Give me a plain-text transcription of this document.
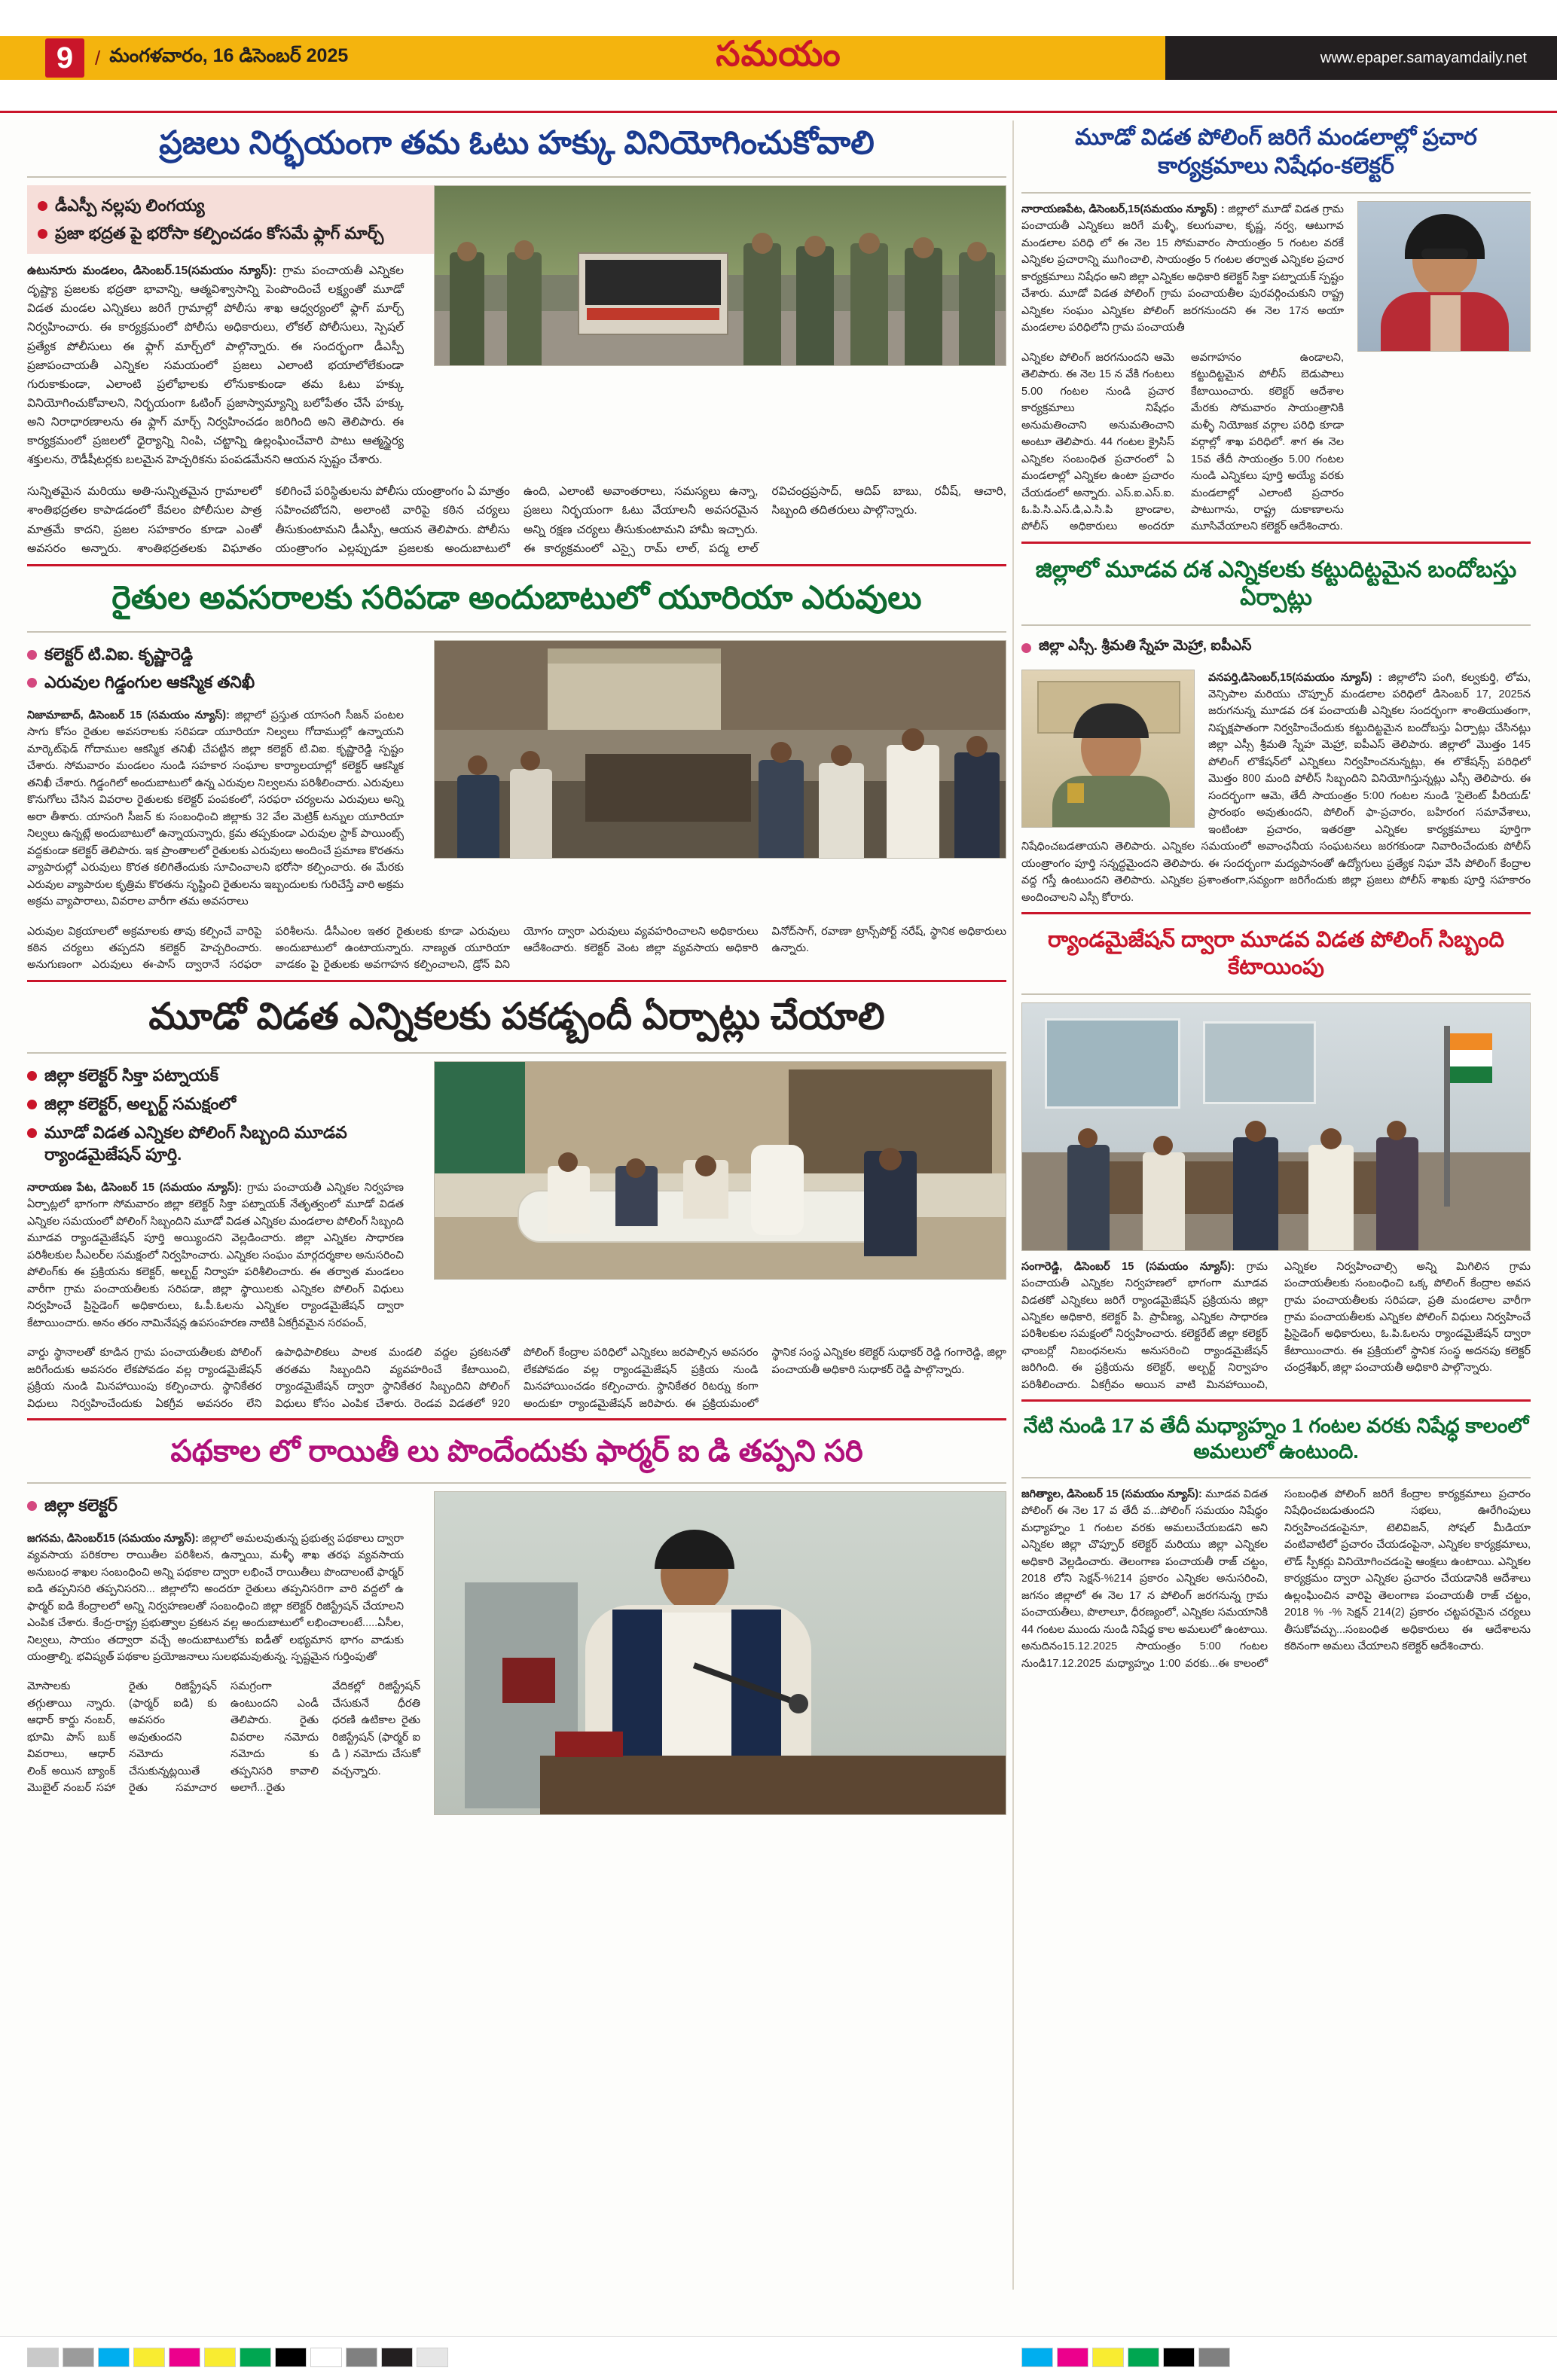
9	/ మంగళవారం, 16 డిసెంబర్ 2025	సమయం	www.epaper.samayamdaily.net
ప్రజలు నిర్భయంగా తమ ఓటు హక్కు వినియోగించుకోవాలి
డీఎస్పీ నల్లపు లింగయ్య
ప్రజా భద్రత పై భరోసా కల్పించడం కోసమే ఫ్లాగ్ మార్చ్

ఉటునూరు మండలం, డిసెంబర్.15(సమయం న్యూస్): గ్రామ పంచాయతీ ఎన్నికల దృష్ట్యా ప్రజలకు భద్రతా భావాన్ని, ఆత్మవిశ్వాసాన్ని పెంపొందించే లక్ష్యంతో మూడో విడత మండల ఎన్నికలు జరిగే గ్రామాల్లో పోలీసు శాఖ ఆధ్వర్యంలో ఫ్లాగ్ మార్చ్ నిర్వహించారు. ఈ కార్యక్రమంలో పోలీసు అధికారులు, లోకల్ పోలీసులు, స్పెషల్ ప్రత్యేక పోలీసులు ఈ ఫ్లాగ్ మార్చ్‌లో పాల్గొన్నారు. ఈ సందర్భంగా డీఎస్పీ ప్రజాపంచాయతీ ఎన్నికల సమయంలో ప్రజలు ఎలాంటి భయాలోలేకుండా గురుకాకుండా, ఎలాంటి ప్రలోభాలకు లోనుకాకుండా తమ ఓటు హక్కు వినియోగించుకోవాలని, నిర్భయంగా ఓటింగ్ ప్రజాస్వామ్యాన్ని బలోపేతం చేసే హక్కు అని నిరాధారణాలను ఈ ఫ్లాగ్ మార్చ్ నిర్వహించడం జరిగింది అని తెలిపారు. ఈ కార్యక్రమంలో ప్రజలలో ధైర్యాన్ని నింపి, చట్టాన్ని ఉల్లంఘించేవారి పాటు ఆత్మస్థైర్య శక్తులను, రౌడీషీటర్లకు బలమైన హెచ్చరికను పంపడమేనని ఆయన స్పష్టం చేశారు.

సున్నితమైన మరియు అతి-సున్నితమైన గ్రామాలలో శాంతిభద్రతల కాపాడడంలో కేవలం పోలీసుల పాత్ర మాత్రమే కాదని, ప్రజల సహకారం కూడా ఎంతో అవసరం అన్నారు. శాంతిభద్రతలకు విఘాతం కలిగించే పరిస్థితులను పోలీసు యంత్రాంగం ఏ మాత్రం సహించబోదని, అలాంటి వారిపై కఠిన చర్యలు తీసుకుంటామని డీఎస్పీ, ఆయన తెలిపారు. పోలీసు యంత్రాంగం ఎల్లప్పుడూ ప్రజలకు అందుబాటులో ఉంది, ఎలాంటి అవాంతరాలు, సమస్యలు ఉన్నా, ప్రజలు నిర్భయంగా ఓటు వేయాలనీ అవసరమైన అన్ని రక్షణ చర్యలు తీసుకుంటామని హామీ ఇచ్చారు. ఈ కార్యక్రమంలో ఎస్సై రామ్ లాల్, పద్మ లాల్ రవిచంద్రప్రసాద్, ఆదిప్ బాబు, రవీష్, ఆచారి, సిబ్బంది తదితరులు పాల్గొన్నారు.
రైతుల అవసరాలకు సరిపడా అందుబాటులో యూరియా ఎరువులు
కలెక్టర్ టి.విఐ. కృష్ణారెడ్డి
ఎరువుల గిడ్డంగుల ఆకస్మిక తనిఖీ

నిజామాబాద్, డిసెంబర్ 15 (సమయం న్యూస్): జిల్లాలో ప్రస్తుత యాసంగి సీజన్ పంటల సాగు కోసం రైతుల అవసరాలకు సరిపడా యూరియా నిల్వలు గోదాముల్లో ఉన్నాయని మార్కెట్‌ఫెడ్ గోదాముల ఆకస్మిక తనిఖీ చేపట్టిన జిల్లా కలెక్టర్ టి.విఐ. కృష్ణారెడ్డి స్పష్టం చేశారు. సోమవారం మండలం నుండి సహకార సంఘాల కార్యాలయాల్లో కలెక్టర్ ఆకస్మిక తనిఖీ చేశారు. గిడ్డంగిలో అందుబాటులో ఉన్న ఎరువుల నిల్వలను పరిశీలించారు. ఎరువులు కొనుగోలు చేసిన వివరాల రైతులకు కలెక్టర్ పంపకంలో, సరఫరా చర్యలను ఎరువులు అన్ని అరా తీశారు. యాసంగి సీజన్ కు సంబంధించి జిల్లాకు 32 వేల మెట్రిక్ టన్నుల యూరియా నిల్వలు ఉన్నట్లే అందుబాటులో ఉన్నాయన్నారు, క్రమ తప్పకుండా ఎరువుల స్టాక్ పాయింట్స్ వద్దకుండా కలెక్టర్ తెలిపారు. ఇక ప్రాంతాలలో రైతులకు ఎరువులు అందించే ప్రమాణ కొరతను వ్యాపారుల్లో ఎరువులు కొరత కలిగితేందుకు సూచించాలని భరోసా కల్పించారు. ఈ మేరకు ఎరువుల వ్యాపారుల కృత్రిమ కొరతను సృష్టించి రైతులను ఇబ్బందులకు గురిచేస్తే వారి అక్రమ అక్రమ వ్యాపారాలు, వివరాల వారీగా తమ అవసరాలు

ఎరువుల విక్రయాలలో అక్రమాలకు తావు కల్పించే వారిపై కఠిన చర్యలు తప్పదని కలెక్టర్ హెచ్చరించారు. అనుగుణంగా ఎరువులు ఈ-పాస్ ద్వారానే సరఫరా పరిశీలను. డీసీఎంల ఇతర రైతులకు కూడా ఎరువులు అందుబాటులో ఉంటాయన్నారు. నాణ్యత యూరియా వాడకం పై రైతులకు అవగాహన కల్పించాలని, డ్రోన్ విని యోగం ద్వారా ఎరువులు వ్యవహరించాలని అధికారులు ఆదేశించారు. కలెక్టర్ వెంట జిల్లా వ్యవసాయ అధికారి వినోద్‌సాగ్, రవాణా ట్రాన్స్‌పోర్ట్ నరేష్, స్థానిక అధికారులు ఉన్నారు.
మూడో విడత ఎన్నికలకు పకడ్బందీ ఏర్పాట్లు చేయాలి
జిల్లా కలెక్టర్ సిక్తా పట్నాయక్
జిల్లా కలెక్టర్, అల్బర్ట్ సమక్షంలో
మూడో విడత ఎన్నికల పోలింగ్ సిబ్బంది మూడవ ర్యాండమైజేషన్ పూర్తి.

నారాయణ పేట, డిసెంబర్ 15 (సమయం న్యూస్): గ్రామ పంచాయతీ ఎన్నికల నిర్వహణ ఏర్పాట్లలో భాగంగా సోమవారం జిల్లా కలెక్టర్ సిక్తా పట్నాయక్ నేతృత్వంలో మూడో విడత ఎన్నికల సమయంలో పోలింగ్ సిబ్బందిని మూడో విడత ఎన్నికల మండలాల పోలింగ్ సిబ్బంది మూడవ ర్యాండమైజేషన్ పూర్తి అయ్యిందని వెల్లడించారు. జిల్లా ఎన్నికల సాధారణ పరిశీలకుల సీఎలర్‌ల సమక్షంలో నిర్వహించారు. ఎన్నికల సంఘం మార్గదర్శకాల అనుసరించి పోలింగ్‌కు ఈ ప్రక్రియను కలెక్టర్, అల్బర్ట్ నిర్వాహ పరిశీలించారు. ఈ తర్వాత మండలం వారీగా గ్రామ పంచాయతీలకు సరిపడా, జిల్లా స్థాయిలకు ఎన్నికల పోలింగ్ విధులు నిర్వహించే ప్రిసైడెంగ్ అధికారులు, ఓ.పీ.ఓలను ఎన్నికల ర్యాండమైజేషన్ ద్వారా కేటాయించారు. అనం తరం నామినేషన్ల ఉపసంహరణ నాటికి ఏకగ్రీవమైన సరపంచ్,

వార్డు స్థానాలతో కూడిన గ్రామ పంచాయతీలకు పోలింగ్ జరిగేందుకు అవసరం లేకపోవడం వల్ల ర్యాండమైజేషన్ ప్రక్రియ నుండి మినహాయింపు కల్పించారు. స్థానికేతర విధులు నిర్వహించేందుకు ఏకగ్రీవ అవసరం లేని ఉపాధిపాలికలు పాలక మండలి వద్దల ప్రకటనతో తరతమ సిబ్బందిని వ్యవహరించే కేటాయించి, ర్యాండమైజేషన్ ద్వారా స్థానికేతర సిబ్బందిని పోలింగ్ విధులు కోసం ఎంపిక చేశారు. రెండవ విడతలో 920 పోలింగ్ కేంద్రాల పరిధిలో ఎన్నికలు జరపాల్సిన అవసరం లేకపోవడం వల్ల ర్యాండమైజేషన్ ప్రక్రియ నుండి మినహాయించడం కల్పించారు. స్థానికేతర రిటర్ను కంగా అందుకూ ర్యాండమైజేషన్ జరిపారు. ఈ ప్రక్రియమంలో స్థానిక సంస్థ ఎన్నికల కలెక్టర్ సుధాకర్ రెడ్డి గంగారెడ్డి, జిల్లా పంచాయతీ అధికారి సుధాకర్ రెడ్డి పాల్గొన్నారు.
పథకాల లో రాయితీ లు పొందేందుకు ఫార్మర్ ఐ డి తప్పని సరి
జిల్లా కలెక్టర్

జగనమ, డిసెంబర్15 (సమయం న్యూస్): జిల్లాలో అమలవుతున్న ప్రభుత్వ పథకాలు ద్వారా వ్యవసాయ పరికరాల రాయితీల పరిశీలన, ఉన్నాయి, మళ్ళీ శాఖ తరఫ వ్యవసాయ అనుబంధ శాఖల సంబంధించి అన్ని పథకాల ద్వారా లభించే రాయితీలు పొందాలంటే ఫార్మర్ ఐడి తప్పనిసరి తప్పనిసరని... జిల్లాలోని అందరూ రైతులు తప్పనిసరిగా వారి వద్దలో ఉ ఫార్మర్ ఐడి కేంద్రాలలో అన్ని నిర్వహణలతో సంబంధించి జిల్లా కలెక్టర్ రిజిస్ట్రేషన్ చేయాలని ఎంపిక చేశారు. కేంద్ర-రాష్ట్ర ప్రభుత్వాల ప్రకటన వల్ల అందుబాటులో లభించాలంటే.....ఏసీల, నిల్వలు, సాయం తద్వారా వచ్చే అందుబాటులోకు ఐడీతో లభ్యమాన భాగం వాడుకు యంత్రాల్ని. భవిష్యత్ పథకాల ప్రయోజనాలు సులభమవుతున్న. స్పష్టమైన గుర్తింపుతో

మోసాలకు తగ్గుతాయి న్నారు. ఆధార్ కార్డు నంబర్, భూమి పాస్ బుక్ వివరాలు, ఆధార్ లింక్ అయిన బ్యాంక్ మొబైల్ నంబర్ సహా రైతు రిజిస్ట్రేషన్ (ఫార్మర్ ఐడి) కు అవసరం అవుతుందని నమోదు చేసుకున్నట్లయితే రైతు సమాచార సమగ్రంగా ఉంటుందని ఎండీ తెలిపారు. రైతు వివరాల నమోదు నమోదు కు తప్పనిసరి కావాలి అలాగే...రైతు వేదికల్లో రిజిస్ట్రేషన్ చేసుకునే ధీరతి ధరణి ఉటికాల రైతు రిజిస్ట్రేషన్ (ఫార్మర్ ఐ డి ) నమోదు చేసుకో వచ్చన్నారు.
మూడో విడత పోలింగ్ జరిగే మండలాల్లో ప్రచార కార్యక్రమాలు నిషేధం-కలెక్టర్

నారాయణపేట, డిసెంబర్,15(సమయం న్యూస్) : జిల్లాలో మూడో విడత గ్రామ పంచాయతీ ఎన్నికలు జరిగే మళ్ళీ, కలుగువాల, కృష్ణ, నర్వ, ఆటుగావ మండలాల పరిధి లో ఈ నెల 15 సోమవారం సాయంత్రం 5 గంటల వరకే ఎన్నికల ప్రచారాన్ని ముగించాలి, సాయంత్రం 5 గంటల తర్వాత ఎన్నికల ప్రచార కార్యక్రమాలు నిషేధం అని జిల్లా ఎన్నికల అధికారి కలెక్టర్ సిక్తా పట్నాయక్ స్పష్టం చేశారు. మూడో విడత పోలింగ్ గ్రామ పంచాయతీల పురవర్గించుకుని రాష్ట్ర ఎన్నికల సంఘం ఎన్నికల పోలింగ్ జరగనుందని ఈ నెల 17న అయా మండలాల పరిధిలోని గ్రామ పంచాయతీ

ఎన్నికల పోలింగ్ జరగనుందని ఆమె తెలిపారు. ఈ నెల 15 న వేకి గంటలు 5.00 గంటల నుండి ప్రచార కార్యక్రమాలు నిషేధం అనుమతించాని అనుమతించాని అంటూ తెలిపారు. 44 గంటల క్రైసిస్ ఎన్నికల సంబంధిత ప్రచారంలో ఏ మండలాల్లో ఎన్నికల ఉంటా ప్రచారం చేయడంలో అన్నారు. ఎస్.ఐ.ఎస్.ఐ. ఓ.పి.సి.ఎస్.డి,ఎ.సి.పి బ్రాండాల, పోలీస్ అధికారులు అందరూ అవగాహనం ఉండాలని, కట్టుదిట్టమైన పోలీస్ బెడుపాలు కేటాయించారు. కలెక్టర్ ఆదేశాల మేరకు సోమవారం సాయంత్రానికి మళ్ళీ నియోజక వర్గాల పరిధి కూడా వర్గాల్లో శాఖ పరిధిలో. శాగ ఈ నెల 15వ తేదీ సాయంత్రం 5.00 గంటల నుండి ఎన్నికలు పూర్తి అయ్యే వరకు మండలాల్లో ఎలాంటి ప్రచారం పాటుగాను, రాష్ట్ర దుకాణాలను మూసివేయాలని కలెక్టర్ ఆదేశించారు.
జిల్లాలో మూడవ దశ ఎన్నికలకు కట్టుదిట్టమైన బందోబస్తు ఏర్పాట్లు
జిల్లా ఎస్సీ. శ్రీమతి స్నేహ మెహ్రా, ఐపీఎస్

వనపర్తి,డిసెంబర్,15(సమయం న్యూస్) : జిల్లాలోని పంగి, కల్వకుర్తి, లోమ, వెన్సిపాల మరియు చొప్పూర్ మండలాల పరిధిలో డిసెంబర్ 17, 2025న జరుగనున్న మూడవ దశ పంచాయతీ ఎన్నికల సందర్భంగా శాంతియుతంగా, నిష్పక్షపాతంగా నిర్వహించేందుకు కట్టుదిట్టమైన బందోబస్తు ఏర్పాట్లు చేసినట్లు జిల్లా ఎస్సీ శ్రీమతి స్నేహ మెహ్రా, ఐపీఎస్ తెలిపారు. జిల్లాలో మొత్తం 145 పోలింగ్ లొకేషన్‌లో ఎన్నికలు నిర్వహించనున్నట్లు, ఈ లొకేషన్స్ పరిధిలో మొత్తం 800 మంది పోలీస్ సిబ్బందిని వినియోగిస్తున్నట్లు ఎస్సీ తెలిపారు. ఈ సందర్భంగా ఆమె, తేదీ సాయంత్రం 5:00 గంటల నుండి 'సైలెంట్ పీరియడ్' ప్రారంభం అవుతుందని, పోలింగ్ ఫా-ప్రచారం, బహిరంగ సమావేశాలు, ఇంటింటా ప్రచారం, ఇతరత్రా ఎన్నికల కార్యక్రమాలు పూర్తిగా నిషేధించబడతాయని తెలిపారు. ఎన్నికల సమయంలో అవాంఛనీయ సంఘటనలు జరగకుండా నివారించేందుకు పోలీస్ యంత్రాంగం పూర్తి సన్నద్ధమైందని తెలిపారు. ఈ సందర్భంగా మద్యపానంతో ఉద్యోగులు ప్రత్యేక నిఘా వేసి పోలింగ్ కేంద్రాల వద్ద గస్తీ ఉంటుందని తెలిపారు. ఎన్నికల ప్రశాంతంగా,సవ్యంగా జరిగేందుకు జిల్లా ప్రజలు పోలీస్ శాఖకు పూర్తి సహకారం అందించాలని ఎస్సీ కోరారు.

ర్యాండమైజేషన్ ద్వారా మూడవ విడత పోలింగ్ సిబ్బంది కేటాయింపు
సంగారెడ్డి, డిసెంబర్ 15 (సమయం న్యూస్): గ్రామ పంచాయతీ ఎన్నికల నిర్వహణలో భాగంగా మూడవ విడతకో ఎన్నికలు జరిగే ర్యాండమైజేషన్ ప్రక్రియను జిల్లా ఎన్నికల అధికారి, కలెక్టర్ పి. ప్రావీణ్య, ఎన్నికల సాధారణ పరిశీలకుల సమక్షంలో నిర్వహించారు. కలెక్టరేట్ జిల్లా కలెక్టర్ ఛాంబర్లో నిబంధనలను అనుసరించి ర్యాండమైజేషన్ జరిగింది. ఈ ప్రక్రియను కలెక్టర్, అల్బర్ట్ నిర్వాహం పరిశీలించారు. ఏకగ్రీవం అయిన వాటి మినహాయించి, ఎన్నికల నిర్వహించాల్సి అన్ని మిగిలిన గ్రామ పంచాయతీలకు సంబంధించి ఒక్క పోలింగ్ కేంద్రాల అవస గ్రామ పంచాయతీలకు సరిపడా, ప్రతి మండలాల వారీగా గ్రామ పంచాయతీలకు ఎన్నికల పోలింగ్ విధులు నిర్వహించే ప్రిసైడెంగ్ అధికారులు, ఓ.పి.ఓలను ర్యాండమైజేషన్ ద్వారా కేటాయించారు. ఈ ప్రక్రియలో స్థానిక సంస్థ అదనపు కలెక్టర్ చంద్రశేఖర్, జిల్లా పంచాయతీ అధికారి పాల్గొన్నారు.
నేటి నుండి 17 వ తేదీ మధ్యాహ్నం 1 గంటల వరకు నిషేధ్ధ కాలంలో అమలులో ఉంటుంది.
జగిత్యాల, డిసెంబర్ 15 (సమయం న్యూస్): మూడవ విడత పోలింగ్ ఈ నెల 17 వ తేదీ వ...పోలింగ్ సమయం నిషేధ్ధం మధ్యాహ్నం 1 గంటల వరకు అమలుచేయబడని అని ఎన్నికల జిల్లా చొప్పూర్ కలెక్టర్ మరియు జిల్లా ఎన్నికల అధికారి వెల్లడించారు. తెలంగాణ పంచాయతీ రాజ్ చట్టం, 2018 లోని సెక్షన్-%214 ప్రకారం ఎన్నికల అనుసరించి, జగనం జిల్లాలో ఈ నెల 17 న పోలింగ్ జరగనున్న గ్రామ పంచాయతీలు, పొలాలూ, ధీరణ్యంలో, ఎన్నికల సమయానికి 44 గంటల ముందు నుండి నిషేధ్ధ కాల అమలులో ఉంటాయి. అనుదినం15.12.2025 సాయంత్రం 5:00 గంటల నుండి17.12.2025 మధ్యాహ్నం 1:00 వరకు...ఈ కాలంలో సంబంధిత పోలింగ్ జరిగే కేంద్రాల కార్యక్రమాలు ప్రచారం నిషేధించబడుతుందని సభలు, ఊరేగింపులు నిర్వహించడంపైనూ, టెలివిజన్, సోషల్ మీడియా వంటివాటిలో ప్రచారం చేయడంపైనా, ఎన్నికల కార్యక్రమాలు, లౌడ్ స్పీకర్లు వినియోగించడంపై ఆంక్షలు ఉంటాయి. ఎన్నికల కార్యక్రమం ద్వారా ఎన్నికల ప్రచారం చేయడానికి ఆదేశాలు ఉల్లంఘించిన వారిపై తెలంగాణ పంచాయతీ రాజ్ చట్టం, 2018 % -% సెక్షన్ 214(2) ప్రకారం చట్టపరమైన చర్యలు తీసుకోవచ్చు...సంబంధిత అధికారులు ఈ ఆదేశాలను కఠినంగా అమలు చేయాలని కలెక్టర్ ఆదేశించారు.
